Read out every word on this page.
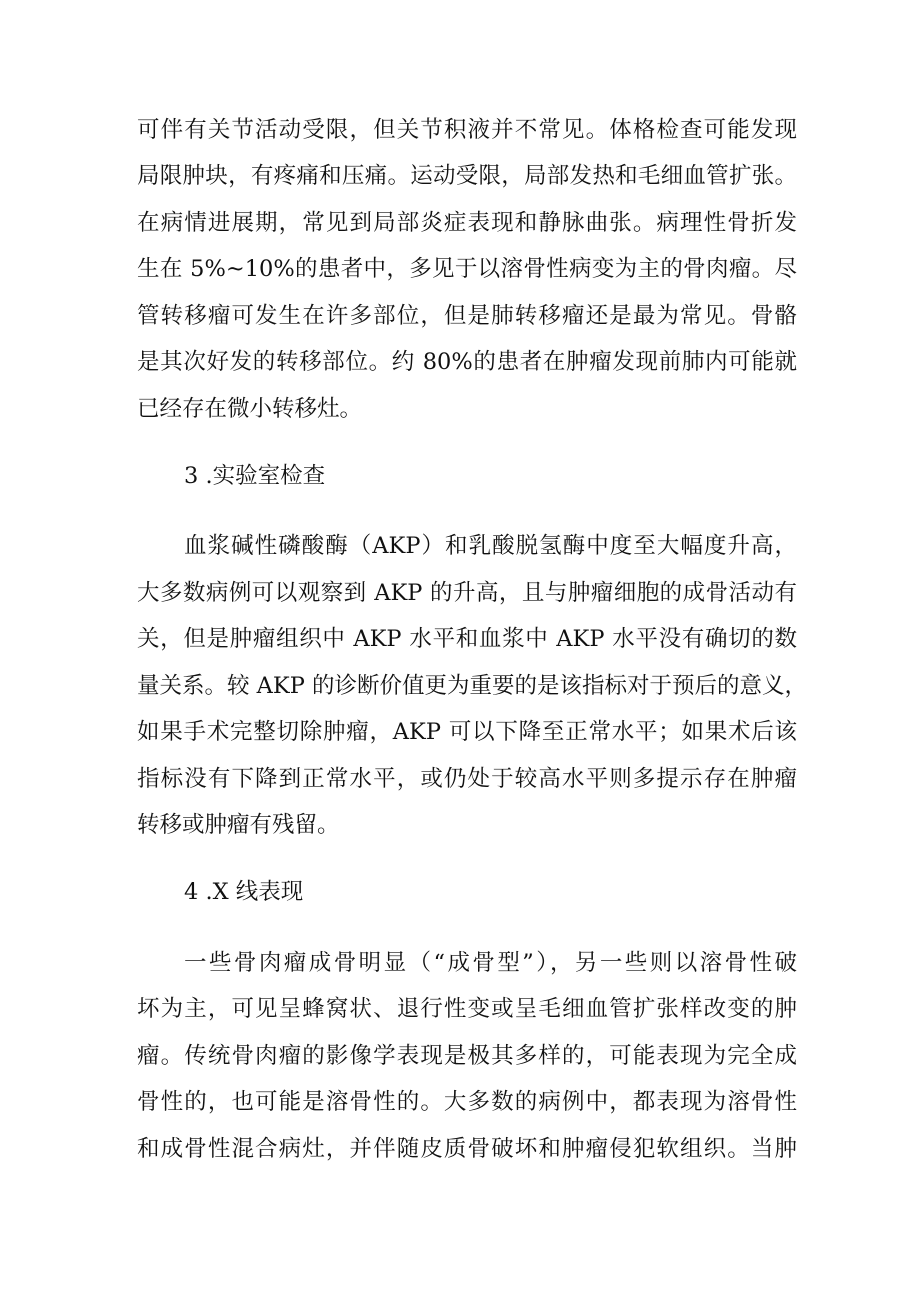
可伴有关节活动受限，但关节积液并不常见。体格检查可能发现
局限肿块，有疼痛和压痛。运动受限，局部发热和毛细血管扩张。
在病情进展期，常见到局部炎症表现和静脉曲张。病理性骨折发
生在 5%~10%的患者中，多见于以溶骨性病变为主的骨肉瘤。尽
管转移瘤可发生在许多部位，但是肺转移瘤还是最为常见。骨骼
是其次好发的转移部位。约 80%的患者在肿瘤发现前肺内可能就
已经存在微小转移灶。
3 .实验室检查
血浆碱性磷酸酶（AKP）和乳酸脱氢酶中度至大幅度升高，
大多数病例可以观察到 AKP 的升高，且与肿瘤细胞的成骨活动有
关，但是肿瘤组织中 AKP 水平和血浆中 AKP 水平没有确切的数
量关系。较 AKP 的诊断价值更为重要的是该指标对于预后的意义，
如果手术完整切除肿瘤，AKP 可以下降至正常水平；如果术后该
指标没有下降到正常水平，或仍处于较高水平则多提示存在肿瘤
转移或肿瘤有残留。
4 .X 线表现
一些骨肉瘤成骨明显（“成骨型”），另一些则以溶骨性破
坏为主，可见呈蜂窝状、退行性变或呈毛细血管扩张样改变的肿
瘤。传统骨肉瘤的影像学表现是极其多样的，可能表现为完全成
骨性的，也可能是溶骨性的。大多数的病例中，都表现为溶骨性
和成骨性混合病灶，并伴随皮质骨破坏和肿瘤侵犯软组织。当肿
